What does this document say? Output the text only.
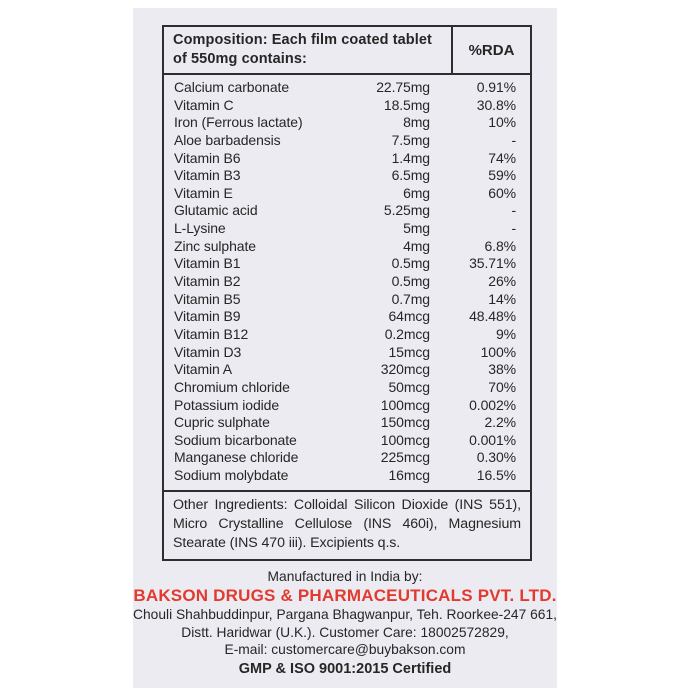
Composition: Each film coated tablet of 550mg contains:
%RDA
Calcium carbonate	22.75mg	0.91%
Vitamin C	18.5mg	30.8%
Iron (Ferrous lactate)	8mg	10%
Aloe barbadensis	7.5mg	-
Vitamin B6	1.4mg	74%
Vitamin B3	6.5mg	59%
Vitamin E	6mg	60%
Glutamic acid	5.25mg	-
L-Lysine	5mg	-
Zinc sulphate	4mg	6.8%
Vitamin B1	0.5mg	35.71%
Vitamin B2	0.5mg	26%
Vitamin B5	0.7mg	14%
Vitamin B9	64mcg	48.48%
Vitamin B12	0.2mcg	9%
Vitamin D3	15mcg	100%
Vitamin A	320mcg	38%
Chromium chloride	50mcg	70%
Potassium iodide	100mcg	0.002%
Cupric sulphate	150mcg	2.2%
Sodium bicarbonate	100mcg	0.001%
Manganese chloride	225mcg	0.30%
Sodium molybdate	16mcg	16.5%
Other Ingredients: Colloidal Silicon Dioxide (INS 551), Micro Crystalline Cellulose (INS 460i), Magnesium Stearate (INS 470 iii). Excipients q.s.
Manufactured in India by:
BAKSON DRUGS & PHARMACEUTICALS PVT. LTD.
Chouli Shahbuddinpur, Pargana Bhagwanpur, Teh. Roorkee-247 661,
Distt. Haridwar (U.K.). Customer Care: 18002572829,
E-mail: customercare@buybakson.com
GMP & ISO 9001:2015 Certified
